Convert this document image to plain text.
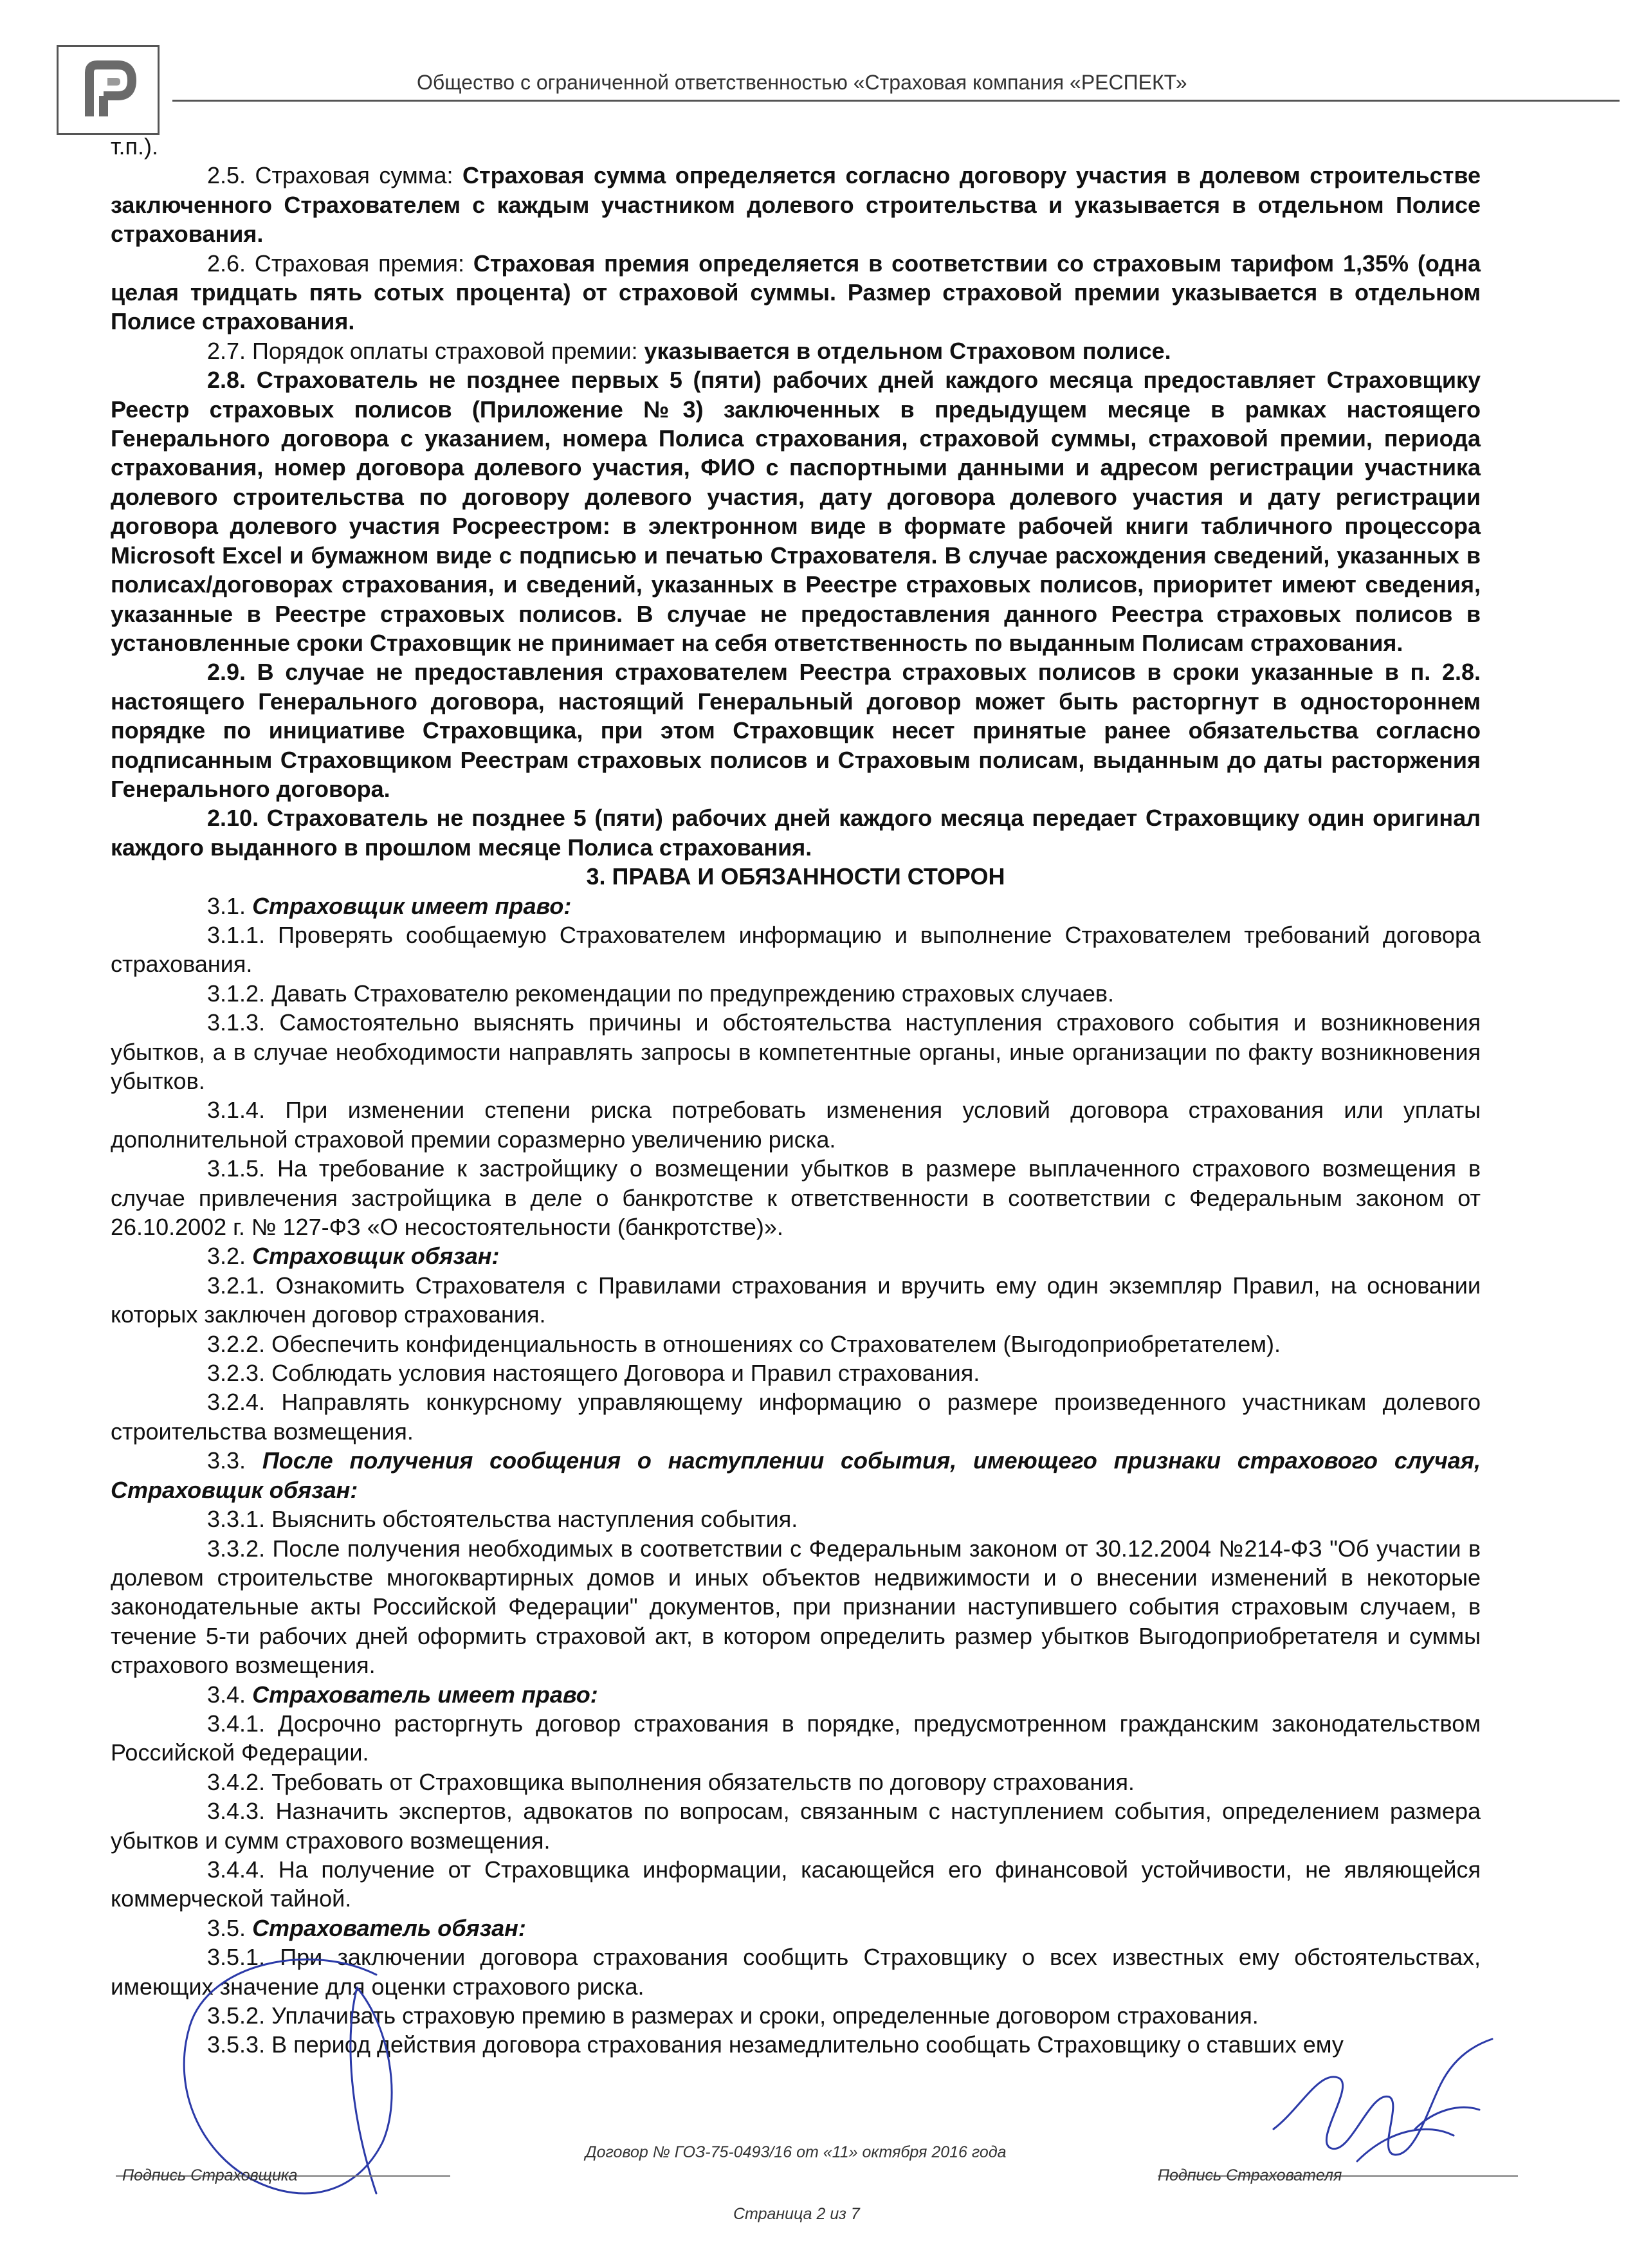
Общество с ограниченной ответственностью «Страховая компания «РЕСПЕКТ»

т.п.).

2.5. Страховая сумма: Страховая сумма определяется согласно договору участия в долевом строительстве заключенного Страхователем с каждым участником долевого строительства и указывается в отдельном Полисе страхования.

2.6. Страховая премия: Страховая премия определяется в соответствии со страховым тарифом 1,35% (одна целая тридцать пять сотых процента) от страховой суммы. Размер страховой премии указывается в отдельном Полисе страхования.

2.7. Порядок оплаты страховой премии: указывается в отдельном Страховом полисе.

2.8. Страхователь не позднее первых 5 (пяти) рабочих дней каждого месяца предоставляет Страховщику Реестр страховых полисов (Приложение №3) заключенных в предыдущем месяце в рамках настоящего Генерального договора с указанием, номера Полиса страхования, страховой суммы, страховой премии, периода страхования, номер договора долевого участия, ФИО с паспортными данными и адресом регистрации участника долевого строительства по договору долевого участия, дату договора долевого участия и дату регистрации договора долевого участия Росреестром: в электронном виде в формате рабочей книги табличного процессора Microsoft Excel и бумажном виде с подписью и печатью Страхователя. В случае расхождения сведений, указанных в полисах/договорах страхования, и сведений, указанных в Реестре страховых полисов, приоритет имеют сведения, указанные в Реестре страховых полисов. В случае не предоставления данного Реестра страховых полисов в установленные сроки Страховщик не принимает на себя ответственность по выданным Полисам страхования.

2.9. В случае не предоставления страхователем Реестра страховых полисов в сроки указанные в п. 2.8. настоящего Генерального договора, настоящий Генеральный договор может быть расторгнут в одностороннем порядке по инициативе Страховщика, при этом Страховщик несет принятые ранее обязательства согласно подписанным Страховщиком Реестрам страховых полисов и Страховым полисам, выданным до даты расторжения Генерального договора.

2.10. Страхователь не позднее 5 (пяти) рабочих дней каждого месяца передает Страховщику один оригинал каждого выданного в прошлом месяце Полиса страхования.

3. ПРАВА И ОБЯЗАННОСТИ СТОРОН

3.1. Страховщик имеет право:

3.1.1. Проверять сообщаемую Страхователем информацию и выполнение Страхователем требований договора страхования.

3.1.2. Давать Страхователю рекомендации по предупреждению страховых случаев.

3.1.3. Самостоятельно выяснять причины и обстоятельства наступления страхового события и возникновения убытков, а в случае необходимости направлять запросы в компетентные органы, иные организации по факту возникновения убытков.

3.1.4. При изменении степени риска потребовать изменения условий договора страхования или уплаты дополнительной страховой премии соразмерно увеличению риска.

3.1.5. На требование к застройщику о возмещении убытков в размере выплаченного страхового возмещения в случае привлечения застройщика в деле о банкротстве к ответственности в соответствии с Федеральным законом от 26.10.2002 г. № 127-ФЗ «О несостоятельности (банкротстве)».

3.2. Страховщик обязан:

3.2.1. Ознакомить Страхователя с Правилами страхования и вручить ему один экземпляр Правил, на основании которых заключен договор страхования.

3.2.2. Обеспечить конфиденциальность в отношениях со Страхователем (Выгодоприобретателем).

3.2.3. Соблюдать условия настоящего Договора и Правил страхования.

3.2.4. Направлять конкурсному управляющему информацию о размере произведенного участникам долевого строительства возмещения.

3.3. После получения сообщения о наступлении события, имеющего признаки страхового случая, Страховщик обязан:

3.3.1. Выяснить обстоятельства наступления события.

3.3.2. После получения необходимых в соответствии с Федеральным законом от 30.12.2004 №214-ФЗ "Об участии в долевом строительстве многоквартирных домов и иных объектов недвижимости и о внесении изменений в некоторые законодательные акты Российской Федерации" документов, при признании наступившего события страховым случаем, в течение 5-ти рабочих дней оформить страховой акт, в котором определить размер убытков Выгодоприобретателя и суммы страхового возмещения.

3.4. Страхователь имеет право:

3.4.1. Досрочно расторгнуть договор страхования в порядке, предусмотренном гражданским законодательством Российской Федерации.

3.4.2. Требовать от Страховщика выполнения обязательств по договору страхования.

3.4.3. Назначить экспертов, адвокатов по вопросам, связанным с наступлением события, определением размера убытков и сумм страхового возмещения.

3.4.4. На получение от Страховщика информации, касающейся его финансовой устойчивости, не являющейся коммерческой тайной.

3.5. Страхователь обязан:

3.5.1. При заключении договора страхования сообщить Страховщику о всех известных ему обстоятельствах, имеющих значение для оценки страхового риска.

3.5.2. Уплачивать страховую премию в размерах и сроки, определенные договором страхования.

3.5.3. В период действия договора страхования незамедлительно сообщать Страховщику о ставших ему

Договор № ГОЗ-75-0493/16 от «11» октября 2016 года
Подпись Страховщика	Подпись Страхователя
Страница 2 из 7
